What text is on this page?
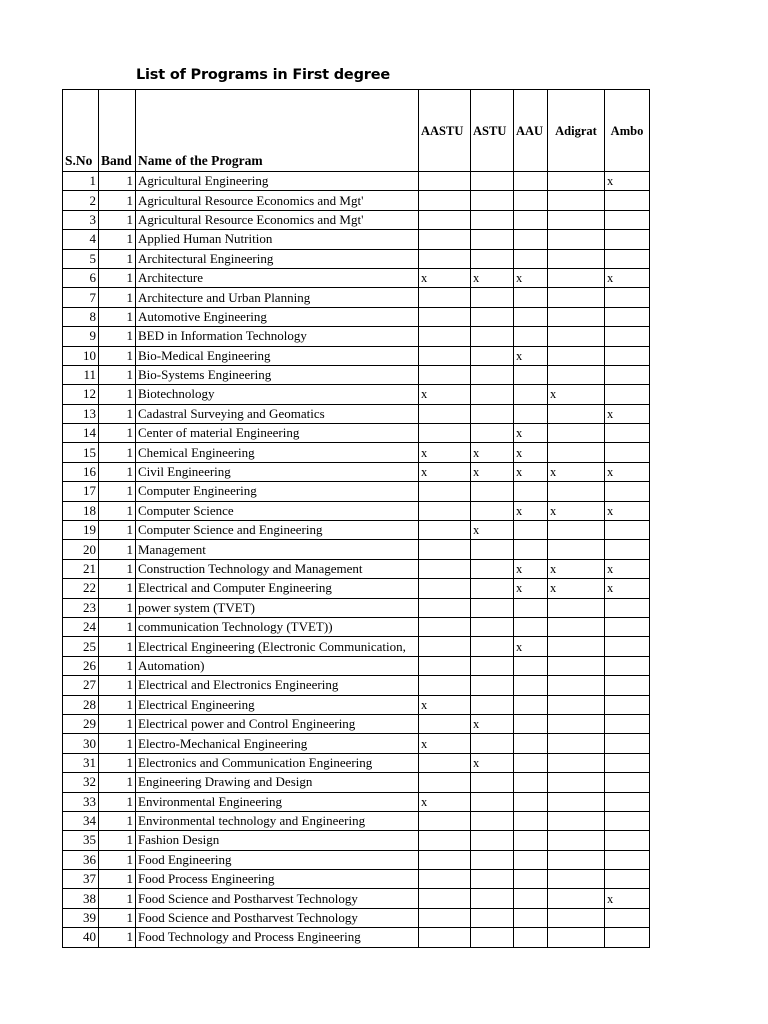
List of Programs in First degree
S.No	Band	Name of the Program	AASTU	ASTU	AAU	Adigrat	Ambo
1	1	Agricultural Engineering					x
2	1	Agricultural Resource Economics and Mgt'					
3	1	Agricultural Resource Economics and Mgt'					
4	1	Applied Human Nutrition					
5	1	Architectural Engineering					
6	1	Architecture	x	x	x		x
7	1	Architecture and Urban Planning					
8	1	Automotive Engineering					
9	1	BED in Information Technology					
10	1	Bio-Medical Engineering			x		
11	1	Bio-Systems Engineering					
12	1	Biotechnology	x			x	
13	1	Cadastral Surveying and Geomatics					x
14	1	Center of material Engineering			x		
15	1	Chemical Engineering	x	x	x		
16	1	Civil Engineering	x	x	x	x	x
17	1	Computer Engineering					
18	1	Computer Science			x	x	x
19	1	Computer Science and Engineering		x			
20	1	Management					
21	1	Construction Technology and Management			x	x	x
22	1	Electrical and Computer Engineering			x	x	x
23	1	power system (TVET)					
24	1	communication Technology (TVET))					
25	1	Electrical Engineering (Electronic Communication,			x		
26	1	Automation)					
27	1	Electrical and Electronics Engineering					
28	1	Electrical Engineering	x				
29	1	Electrical power and Control Engineering		x			
30	1	Electro-Mechanical Engineering	x				
31	1	Electronics and Communication Engineering		x			
32	1	Engineering Drawing and Design					
33	1	Environmental Engineering	x				
34	1	Environmental technology and Engineering					
35	1	Fashion Design					
36	1	Food Engineering					
37	1	Food Process Engineering					
38	1	Food Science and Postharvest Technology					x
39	1	Food Science and Postharvest Technology					
40	1	Food Technology and Process Engineering					
